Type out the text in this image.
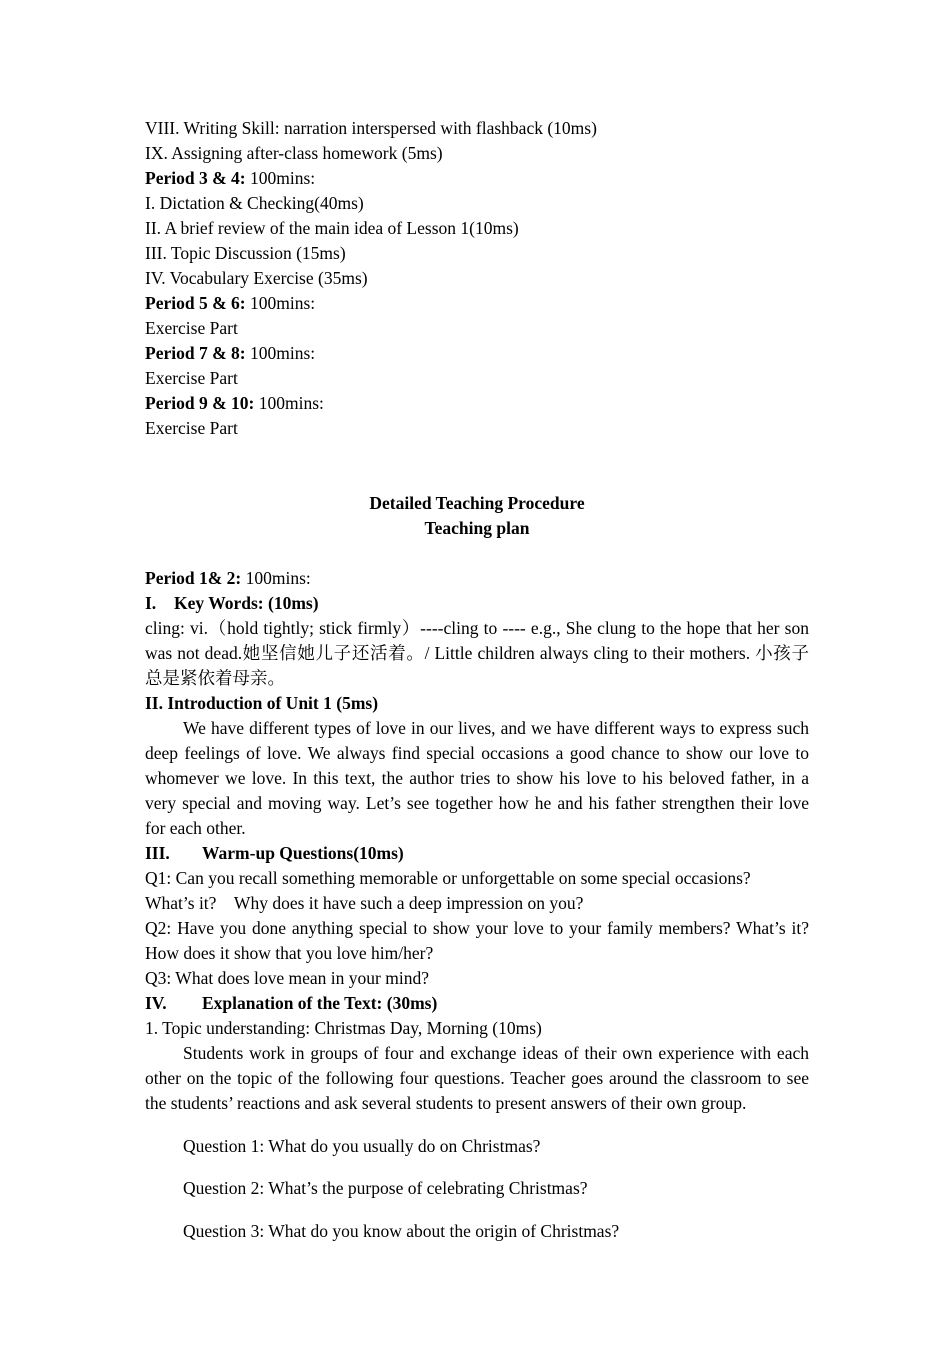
VIII. Writing Skill: narration interspersed with flashback (10ms)

IX. Assigning after-class homework (5ms)

Period 3 & 4: 100mins:

I. Dictation & Checking(40ms)

II. A brief review of the main idea of Lesson 1(10ms)

III. Topic Discussion (15ms)

IV. Vocabulary Exercise (35ms)

Period 5 & 6: 100mins:

Exercise Part

Period 7 & 8: 100mins:

Exercise Part

Period 9 & 10: 100mins:

Exercise Part

Detailed Teaching Procedure

Teaching plan

Period 1& 2: 100mins:

I. Key Words: (10ms)

cling: vi.（hold tightly; stick firmly）----cling to ---- e.g., She clung to the hope that her son was not dead.她坚信她儿子还活着。/ Little children always cling to their mothers. 小孩子总是紧依着母亲。

II. Introduction of Unit 1 (5ms)

We have different types of love in our lives, and we have different ways to express such deep feelings of love. We always find special occasions a good chance to show our love to whomever we love. In this text, the author tries to show his love to his beloved father, in a very special and moving way. Let’s see together how he and his father strengthen their love for each other.

III. Warm-up Questions(10ms)

Q1: Can you recall something memorable or unforgettable on some special occasions?

What’s it?　Why does it have such a deep impression on you?

Q2: Have you done anything special to show your love to your family members? What’s it? How does it show that you love him/her?

Q3: What does love mean in your mind?

IV. Explanation of the Text: (30ms)

1. Topic understanding: Christmas Day, Morning (10ms)

Students work in groups of four and exchange ideas of their own experience with each other on the topic of the following four questions. Teacher goes around the classroom to see the students’ reactions and ask several students to present answers of their own group.

Question 1: What do you usually do on Christmas?

Question 2: What’s the purpose of celebrating Christmas?

Question 3: What do you know about the origin of Christmas?
